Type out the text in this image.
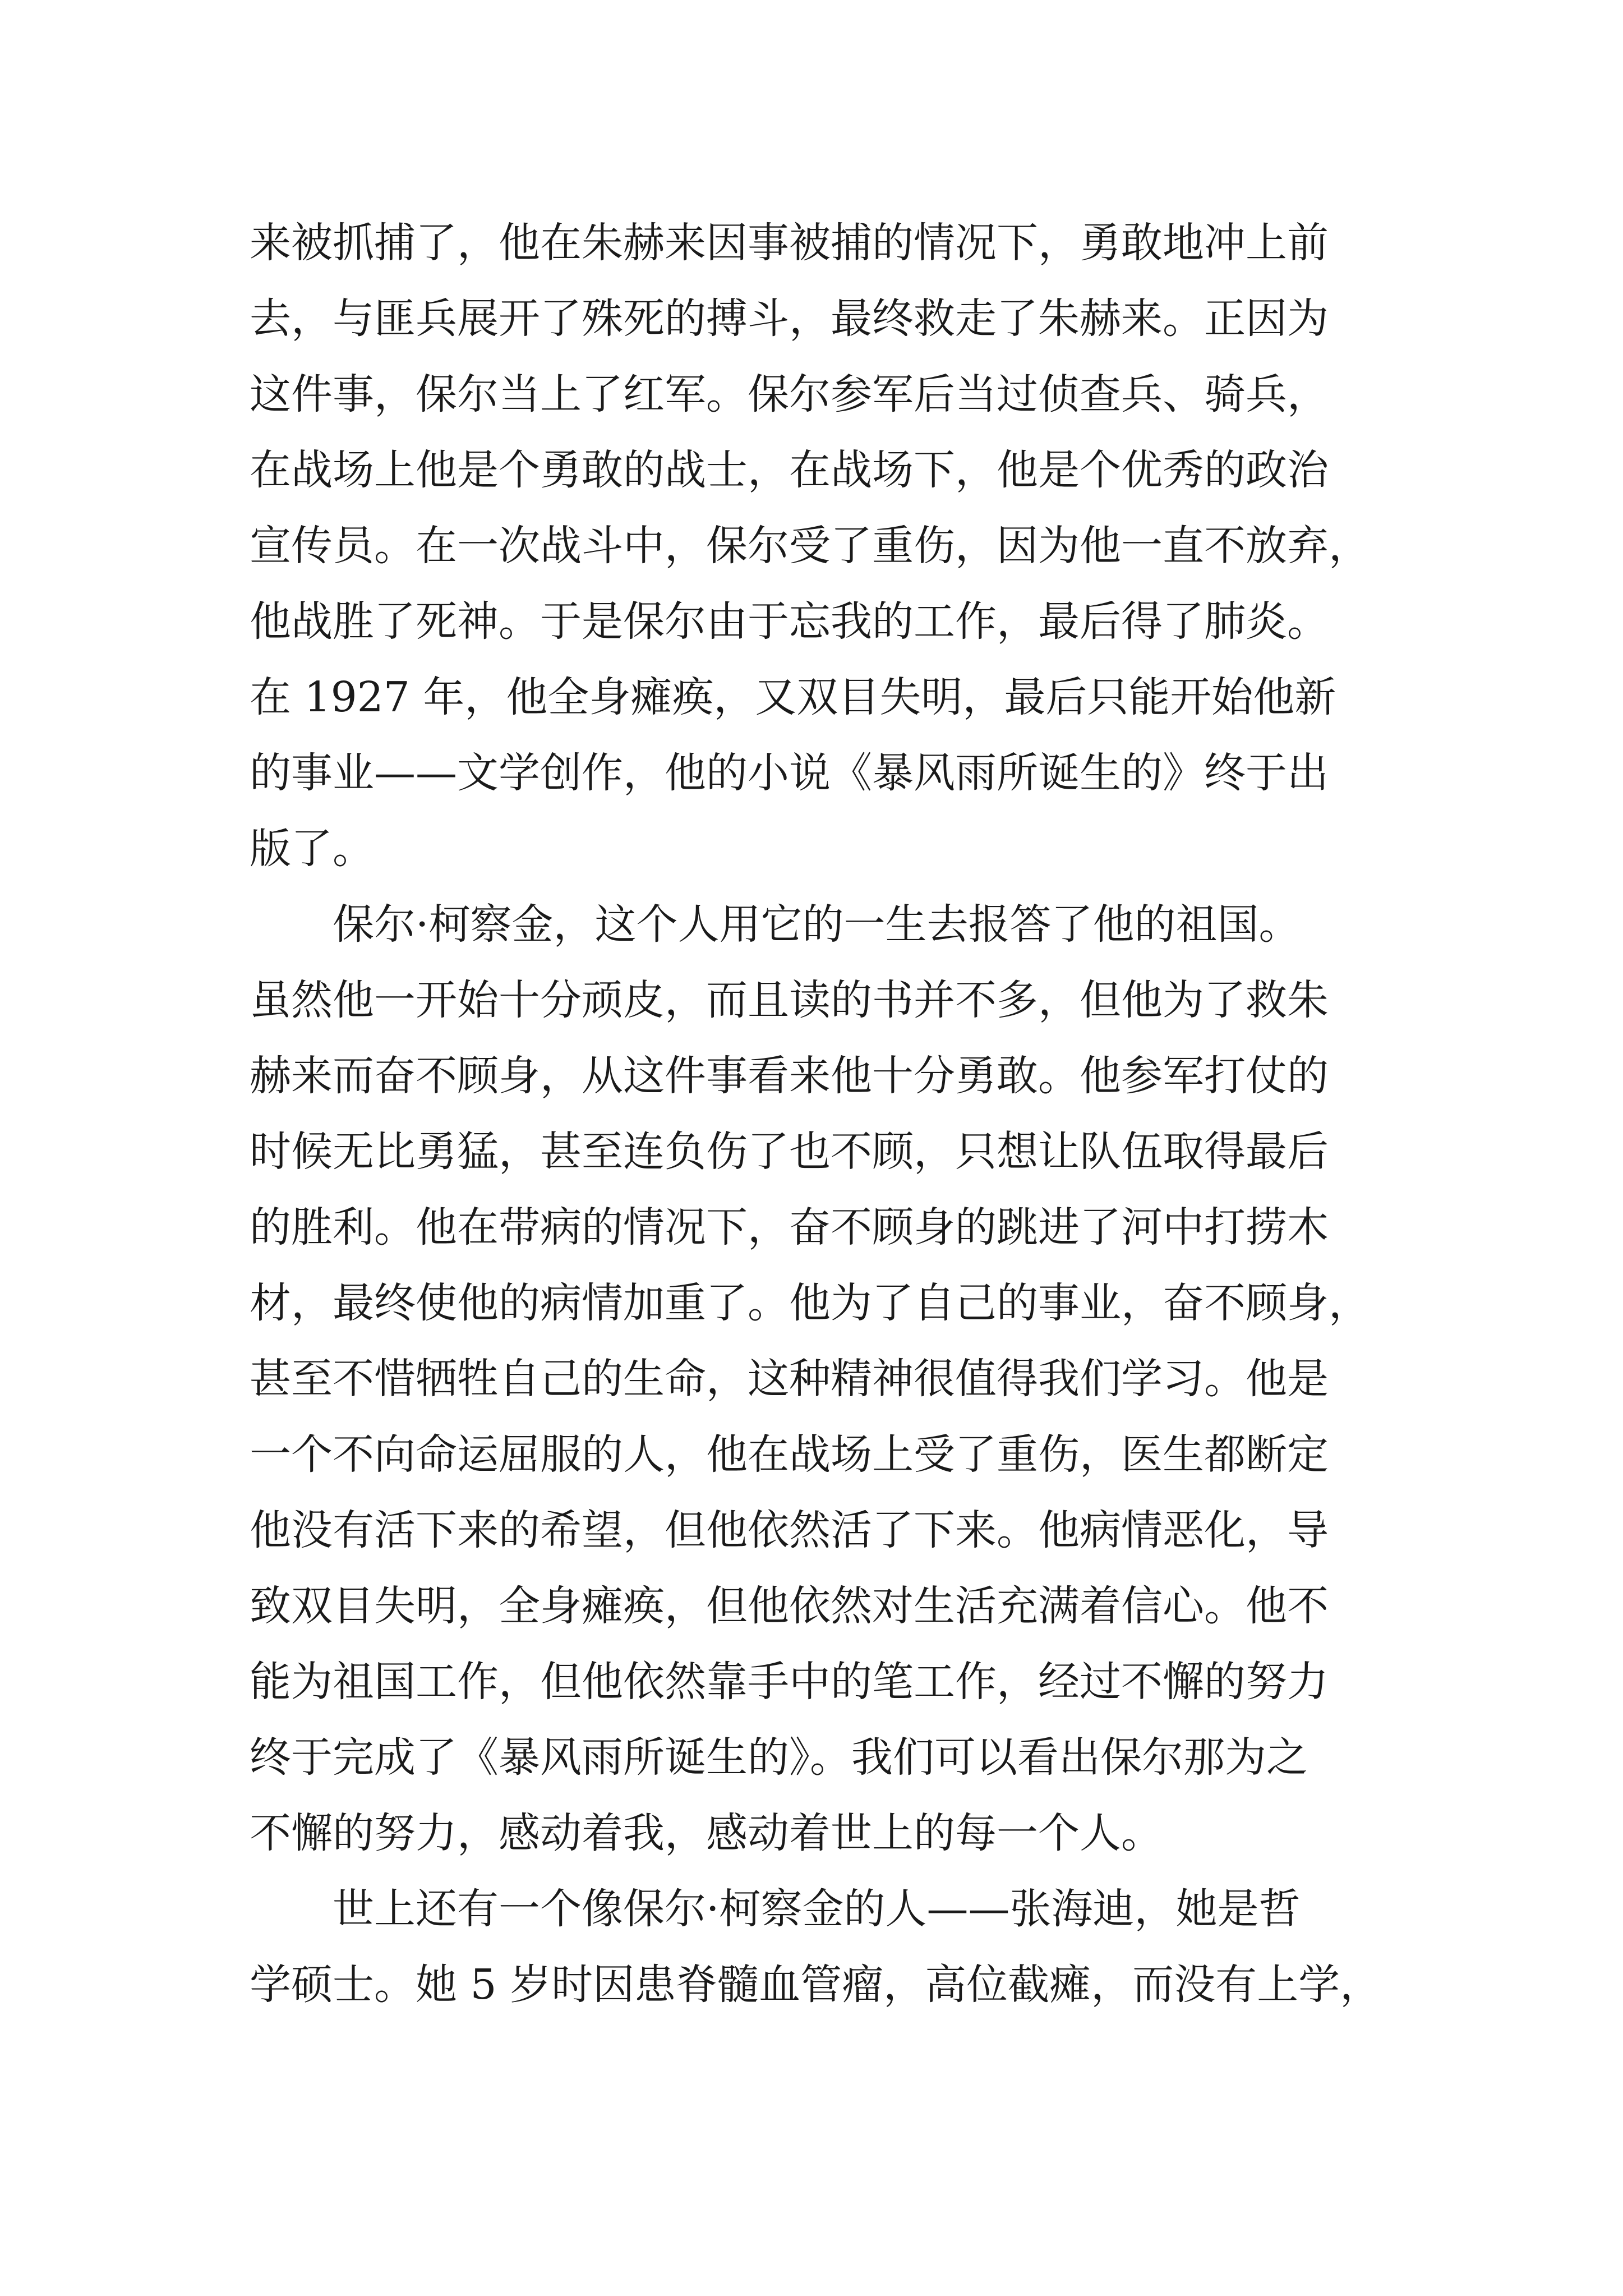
来被抓捕了，他在朱赫来因事被捕的情况下，勇敢地冲上前
去，与匪兵展开了殊死的搏斗，最终救走了朱赫来。正因为
这件事，保尔当上了红军。保尔参军后当过侦查兵、骑兵，
在战场上他是个勇敢的战士，在战场下，他是个优秀的政治
宣传员。在一次战斗中，保尔受了重伤，因为他一直不放弃，
他战胜了死神。于是保尔由于忘我的工作，最后得了肺炎。
在 1927 年，他全身瘫痪，又双目失明，最后只能开始他新
的事业——文学创作，他的小说《暴风雨所诞生的》终于出
版了。
保尔·柯察金，这个人用它的一生去报答了他的祖国。
虽然他一开始十分顽皮，而且读的书并不多，但他为了救朱
赫来而奋不顾身，从这件事看来他十分勇敢。他参军打仗的
时候无比勇猛，甚至连负伤了也不顾，只想让队伍取得最后
的胜利。他在带病的情况下，奋不顾身的跳进了河中打捞木
材，最终使他的病情加重了。他为了自己的事业，奋不顾身，
甚至不惜牺牲自己的生命，这种精神很值得我们学习。他是
一个不向命运屈服的人，他在战场上受了重伤，医生都断定
他没有活下来的希望，但他依然活了下来。他病情恶化，导
致双目失明，全身瘫痪，但他依然对生活充满着信心。他不
能为祖国工作，但他依然靠手中的笔工作，经过不懈的努力
终于完成了《暴风雨所诞生的》。我们可以看出保尔那为之
不懈的努力，感动着我，感动着世上的每一个人。
世上还有一个像保尔·柯察金的人——张海迪，她是哲
学硕士。她 5 岁时因患脊髓血管瘤，高位截瘫，而没有上学，
